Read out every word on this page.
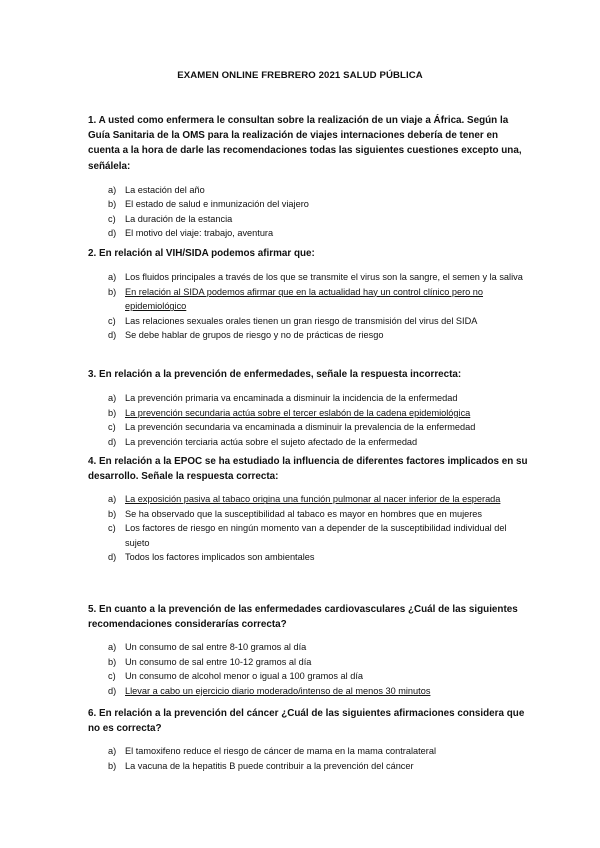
EXAMEN ONLINE FREBRERO 2021 SALUD PÚBLICA

1. A usted como enfermera le consultan sobre la realización de un viaje a África. Según la Guía Sanitaria de la OMS para la realización de viajes internaciones debería de tener en cuenta a la hora de darle las recomendaciones todas las siguientes cuestiones excepto una, señálela:

a) La estación del año
b) El estado de salud e inmunización del viajero
c) La duración de la estancia
d) El motivo del viaje: trabajo, aventura

2. En relación al VIH/SIDA podemos afirmar que:

a) Los fluidos principales a través de los que se transmite el virus son la sangre, el semen y la saliva
b) En relación al SIDA podemos afirmar que en la actualidad hay un control clínico pero no epidemiológico
c) Las relaciones sexuales orales tienen un gran riesgo de transmisión del virus del SIDA
d) Se debe hablar de grupos de riesgo y no de prácticas de riesgo

3. En relación a la prevención de enfermedades, señale la respuesta incorrecta:

a) La prevención primaria va encaminada a disminuir la incidencia de la enfermedad
b) La prevención secundaria actúa sobre el tercer eslabón de la cadena epidemiológica
c) La prevención secundaria va encaminada a disminuir la prevalencia de la enfermedad
d) La prevención terciaria actúa sobre el sujeto afectado de la enfermedad

4. En relación a la EPOC se ha estudiado la influencia de diferentes factores implicados en su desarrollo. Señale la respuesta correcta:

a) La exposición pasiva al tabaco origina una función pulmonar al nacer inferior de la esperada
b) Se ha observado que la susceptibilidad al tabaco es mayor en hombres que en mujeres
c) Los factores de riesgo en ningún momento van a depender de la susceptibilidad individual del sujeto
d) Todos los factores implicados son ambientales

5. En cuanto a la prevención de las enfermedades cardiovasculares ¿Cuál de las siguientes recomendaciones considerarías correcta?

a) Un consumo de sal entre 8-10 gramos al día
b) Un consumo de sal entre 10-12 gramos al día
c) Un consumo de alcohol menor o igual a 100 gramos al día
d) Llevar a cabo un ejercicio diario moderado/intenso de al menos 30 minutos

6. En relación a la prevención del cáncer ¿Cuál de las siguientes afirmaciones considera que no es correcta?

a) El tamoxifeno reduce el riesgo de cáncer de mama en la mama contralateral
b) La vacuna de la hepatitis B puede contribuir a la prevención del cáncer
